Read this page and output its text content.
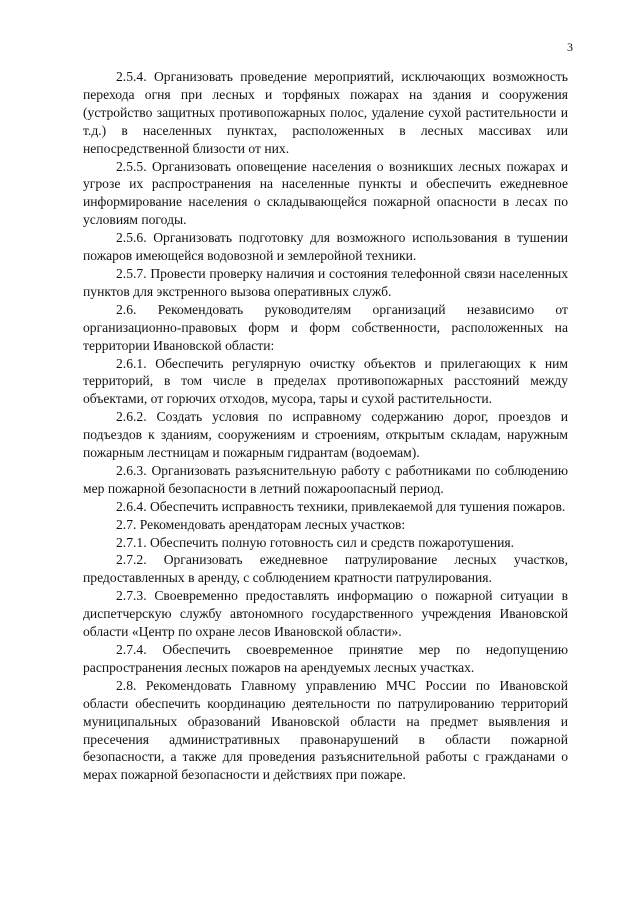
3

2.5.4. Организовать проведение мероприятий, исключающих возможность перехода огня при лесных и торфяных пожарах на здания и сооружения (устройство защитных противопожарных полос, удаление сухой растительности и т.д.) в населенных пунктах, расположенных в лесных массивах или непосредственной близости от них.

2.5.5. Организовать оповещение населения о возникших лесных пожарах и угрозе их распространения на населенные пункты и обеспечить ежедневное информирование населения о складывающейся пожарной опасности в лесах по условиям погоды.

2.5.6. Организовать подготовку для возможного использования в тушении пожаров имеющейся водовозной и землеройной техники.

2.5.7. Провести проверку наличия и состояния телефонной связи населенных пунктов для экстренного вызова оперативных служб.

2.6. Рекомендовать руководителям организаций независимо от организационно-правовых форм и форм собственности, расположенных на территории Ивановской области:

2.6.1. Обеспечить регулярную очистку объектов и прилегающих к ним территорий, в том числе в пределах противопожарных расстояний между объектами, от горючих отходов, мусора, тары и сухой растительности.

2.6.2. Создать условия по исправному содержанию дорог, проездов и подъездов к зданиям, сооружениям и строениям, открытым складам, наружным пожарным лестницам и пожарным гидрантам (водоемам).

2.6.3. Организовать разъяснительную работу с работниками по соблюдению мер пожарной безопасности в летний пожароопасный период.

2.6.4. Обеспечить исправность техники, привлекаемой для тушения пожаров.

2.7. Рекомендовать арендаторам лесных участков:

2.7.1. Обеспечить полную готовность сил и средств пожаротушения.

2.7.2. Организовать ежедневное патрулирование лесных участков, предоставленных в аренду, с соблюдением кратности патрулирования.

2.7.3. Своевременно предоставлять информацию о пожарной ситуации в диспетчерскую службу автономного государственного учреждения Ивановской области «Центр по охране лесов Ивановской области».

2.7.4. Обеспечить своевременное принятие мер по недопущению распространения лесных пожаров на арендуемых лесных участках.

2.8. Рекомендовать Главному управлению МЧС России по Ивановской области обеспечить координацию деятельности по патрулированию территорий муниципальных образований Ивановской области на предмет выявления и пресечения административных правонарушений в области пожарной безопасности, а также для проведения разъяснительной работы с гражданами о мерах пожарной безопасности и действиях при пожаре.
